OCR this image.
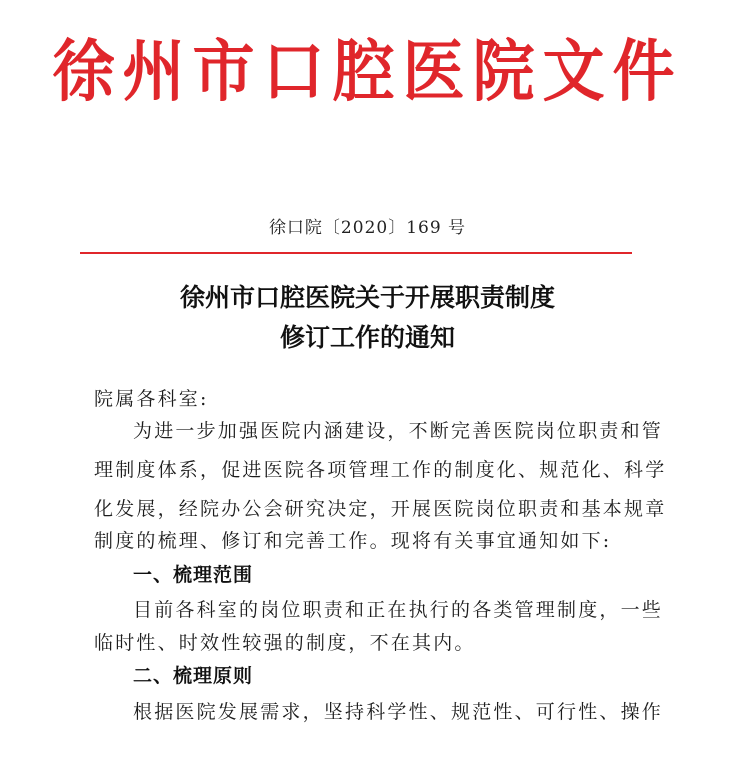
徐州市口腔医院文件
徐口院〔2020〕169 号
徐州市口腔医院关于开展职责制度
修订工作的通知
院属各科室:
为进一步加强医院内涵建设，不断完善医院岗位职责和管
理制度体系，促进医院各项管理工作的制度化、规范化、科学
化发展，经院办公会研究决定，开展医院岗位职责和基本规章
制度的梳理、修订和完善工作。现将有关事宜通知如下:
一、梳理范围
目前各科室的岗位职责和正在执行的各类管理制度，一些
临时性、时效性较强的制度，不在其内。
二、梳理原则
根据医院发展需求，坚持科学性、规范性、可行性、操作
